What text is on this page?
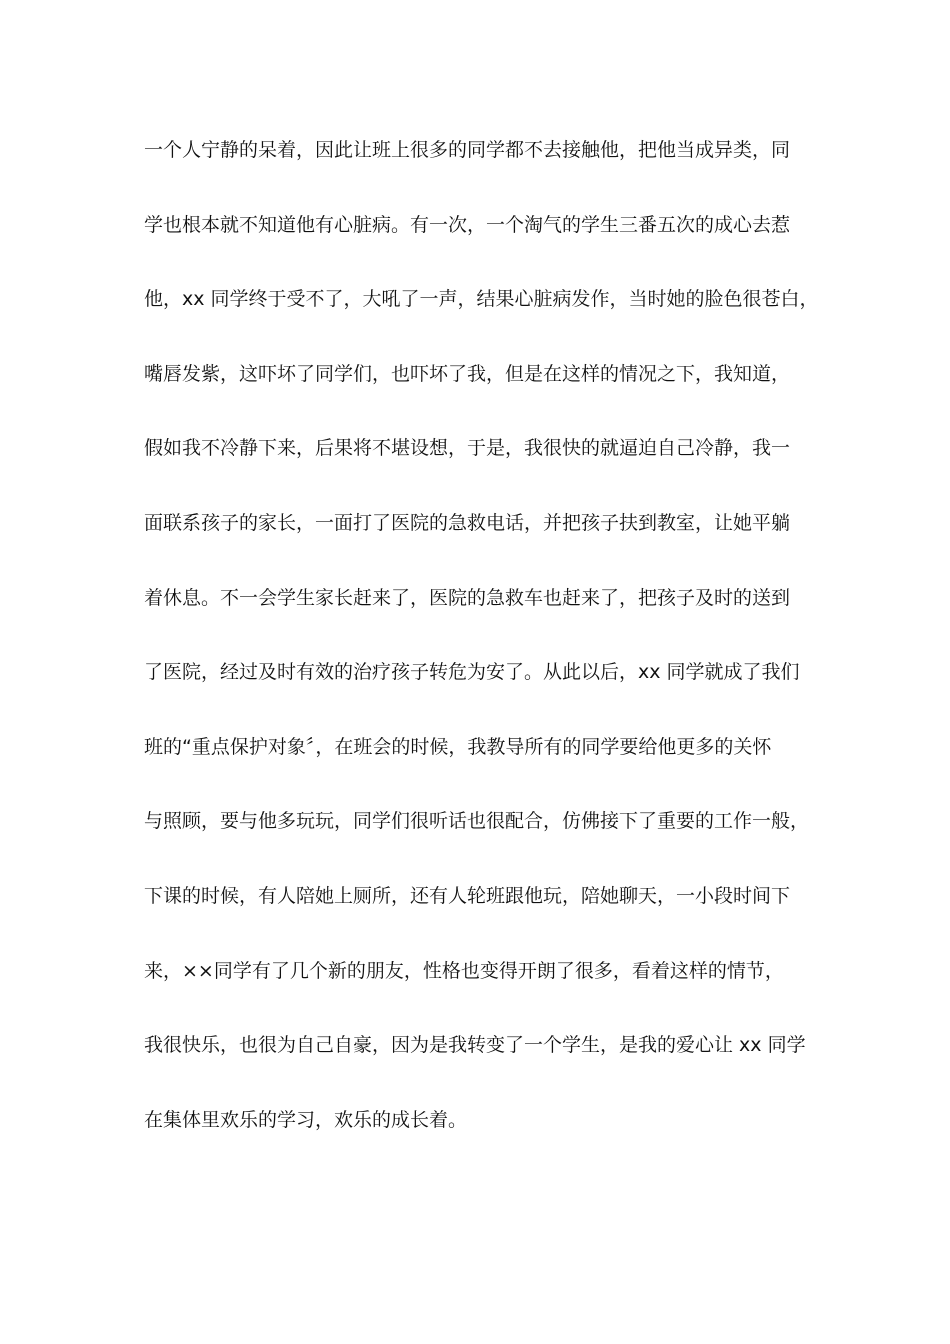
一个人宁静的呆着，因此让班上很多的同学都不去接触他，把他当成异类，同
学也根本就不知道他有心脏病。有一次，一个淘气的学生三番五次的成心去惹
他，xx 同学终于受不了，大吼了一声，结果心脏病发作，当时她的脸色很苍白，
嘴唇发紫，这吓坏了同学们，也吓坏了我，但是在这样的情况之下，我知道，
假如我不冷静下来，后果将不堪设想，于是，我很快的就逼迫自己冷静，我一
面联系孩子的家长，一面打了医院的急救电话，并把孩子扶到教室，让她平躺
着休息。不一会学生家长赶来了，医院的急救车也赶来了，把孩子及时的送到
了医院，经过及时有效的治疗孩子转危为安了。从此以后，xx 同学就成了我们
班的“重点保护对象〞，在班会的时候，我教导所有的同学要给他更多的关怀
与照顾，要与他多玩玩，同学们很听话也很配合，仿佛接下了重要的工作一般，
下课的时候，有人陪她上厕所，还有人轮班跟他玩，陪她聊天，一小段时间下
来，××同学有了几个新的朋友，性格也变得开朗了很多，看着这样的情节，
我很快乐，也很为自己自豪，因为是我转变了一个学生，是我的爱心让 xx 同学
在集体里欢乐的学习，欢乐的成长着。
